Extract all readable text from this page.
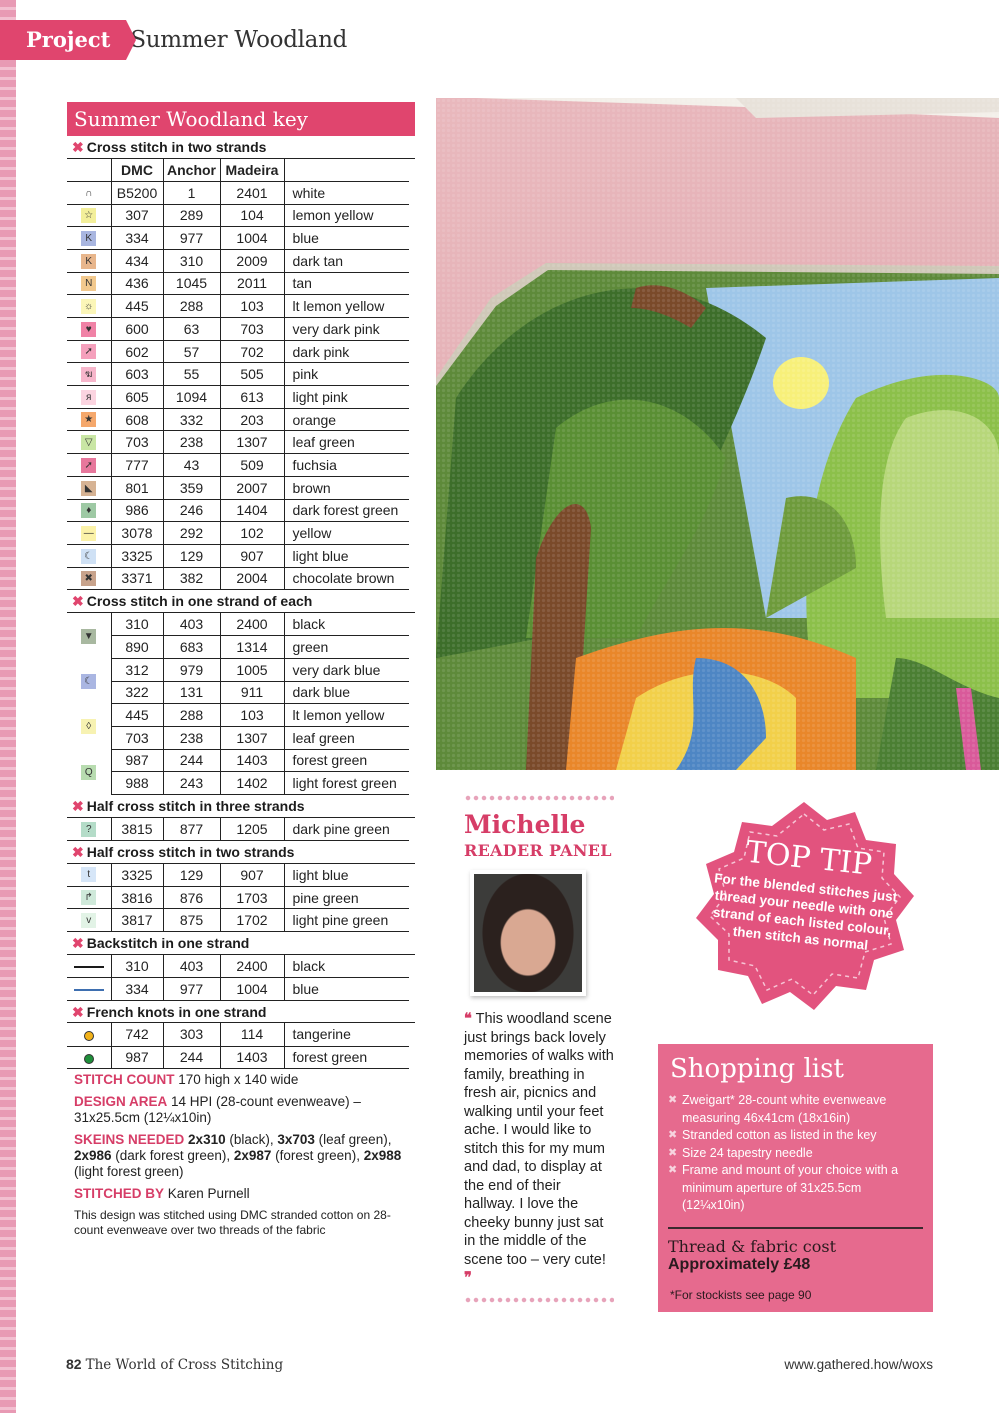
Project Summer Woodland
Summer Woodland key
✖ Cross stitch in two strands
	DMC	Anchor	Madeira	
∩	B5200	1	2401	white
☆	307	289	104	lemon yellow
K	334	977	1004	blue
K	434	310	2009	dark tan
N	436	1045	2011	tan
☼	445	288	103	lt lemon yellow
♥	600	63	703	very dark pink
➚	602	57	702	dark pink
ฆ	603	55	505	pink
я	605	1094	613	light pink
★	608	332	203	orange
▽	703	238	1307	leaf green
➚	777	43	509	fuchsia
◣	801	359	2007	brown
♦	986	246	1404	dark forest green
—	3078	292	102	yellow
☾	3325	129	907	light blue
✖	3371	382	2004	chocolate brown
✖ Cross stitch in one strand of each
▼	310	403	2400	black
	890	683	1314	green
☾	312	979	1005	very dark blue
	322	131	911	dark blue
◊	445	288	103	lt lemon yellow
	703	238	1307	leaf green
Q	987	244	1403	forest green
	988	243	1402	light forest green
✖ Half cross stitch in three strands
?	3815	877	1205	dark pine green
✖ Half cross stitch in two strands
t	3325	129	907	light blue
↱	3816	876	1703	pine green
v	3817	875	1702	light pine green
✖ Backstitch in one strand
	310	403	2400	black
	334	977	1004	blue
✖ French knots in one strand
	742	303	114	tangerine
	987	244	1403	forest green

STITCH COUNT 170 high x 140 wide

DESIGN AREA 14 HPI (28-count evenweave) – 31x25.5cm (12¼x10in)

SKEINS NEEDED 2x310 (black), 3x703 (leaf green), 2x986 (dark forest green), 2x987 (forest green), 2x988 (light forest green)

STITCHED BY Karen Purnell

This design was stitched using DMC stranded cotton on 28-count evenweave over two threads of the fabric

Michelle
READER PANEL
❝ This woodland scene just brings back lovely memories of walks with family, breathing in fresh air, picnics and walking until your feet ache. I would like to stitch this for my mum and dad, to display at the end of their hallway. I love the cheeky bunny just sat in the middle of the scene too – very cute! ❞
TOP TIP
For the blended stitches just thread your needle with one strand of each listed colour, then stitch as normal
Shopping list
✖ Zweigart* 28-count white evenweave measuring 46x41cm (18x16in)
✖ Stranded cotton as listed in the key
✖ Size 24 tapestry needle
✖ Frame and mount of your choice with a minimum aperture of 31x25.5cm (12¼x10in)
Thread & fabric cost
Approximately £48
*For stockists see page 90
82 The World of Cross Stitching	www.gathered.how/woxs
